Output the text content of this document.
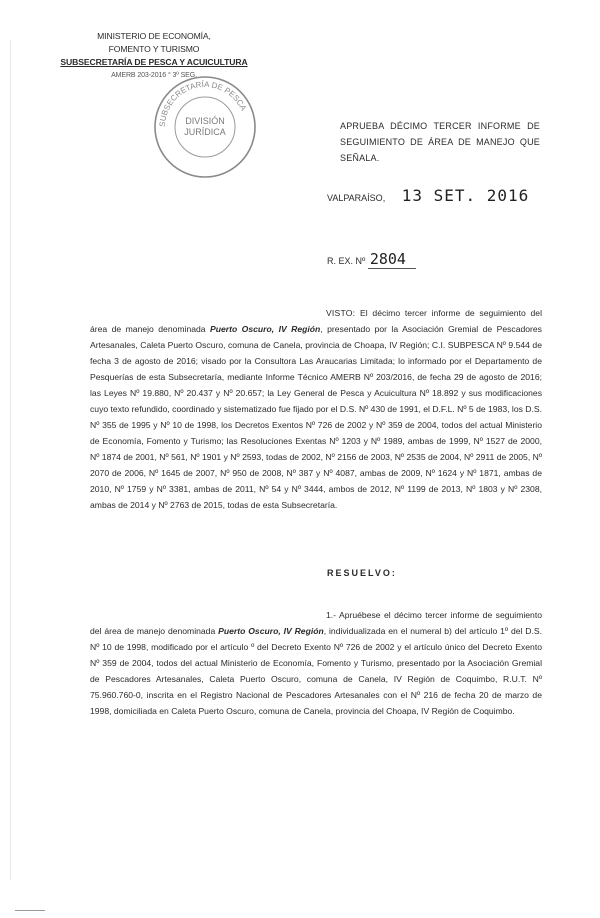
MINISTERIO DE ECONOMÍA,
FOMENTO Y TURISMO
SUBSECRETARÍA DE PESCA Y ACUICULTURA
AMERB 203-2016 ° 3º SEG.
SUBSECRETARÍA DE PESCA
DIVISIÓN
JURÍDICA
APRUEBA DÉCIMO TERCER INFORME DE SEGUIMIENTO DE ÁREA DE MANEJO QUE SEÑALA.
VALPARAÍSO, 13 SET. 2016
R. EX. Nº 2804
VISTO: El décimo tercer informe de seguimiento del área de manejo denominada Puerto Oscuro, IV Región, presentado por la Asociación Gremial de Pescadores Artesanales, Caleta Puerto Oscuro, comuna de Canela, provincia de Choapa, IV Región; C.I. SUBPESCA Nº 9.544 de fecha 3 de agosto de 2016; visado por la Consultora Las Araucarias Limitada; lo informado por el Departamento de Pesquerías de esta Subsecretaría, mediante Informe Técnico AMERB Nº 203/2016, de fecha 29 de agosto de 2016; las Leyes Nº 19.880, Nº 20.437 y Nº 20.657; la Ley General de Pesca y Acuicultura Nº 18.892 y sus modificaciones cuyo texto refundido, coordinado y sistematizado fue fijado por el D.S. Nº 430 de 1991, el D.F.L. Nº 5 de 1983, los D.S. Nº 355 de 1995 y Nº 10 de 1998, los Decretos Exentos Nº 726 de 2002 y Nº 359 de 2004, todos del actual Ministerio de Economía, Fomento y Turismo; las Resoluciones Exentas Nº 1203 y Nº 1989, ambas de 1999, Nº 1527 de 2000, Nº 1874 de 2001, Nº 561, Nº 1901 y Nº 2593, todas de 2002, Nº 2156 de 2003, Nº 2535 de 2004, Nº 2911 de 2005, Nº 2070 de 2006, Nº 1645 de 2007, Nº 950 de 2008, Nº 387 y Nº 4087, ambas de 2009, Nº 1624 y Nº 1871, ambas de 2010, Nº 1759 y Nº 3381, ambas de 2011, Nº 54 y Nº 3444, ambos de 2012, Nº 1199 de 2013, Nº 1803 y Nº 2308, ambas de 2014 y Nº 2763 de 2015, todas de esta Subsecretaría.
RESUELVO:
1.- Apruébese el décimo tercer informe de seguimiento del área de manejo denominada Puerto Oscuro, IV Región, individualizada en el numeral b) del artículo 1º del D.S. Nº 10 de 1998, modificado por el artículo º del Decreto Exento Nº 726 de 2002 y el artículo único del Decreto Exento Nº 359 de 2004, todos del actual Ministerio de Economía, Fomento y Turismo, presentado por la Asociación Gremial de Pescadores Artesanales, Caleta Puerto Oscuro, comuna de Canela, IV Región de Coquimbo, R.U.T. Nº 75.960.760-0, inscrita en el Registro Nacional de Pescadores Artesanales con el Nº 216 de fecha 20 de marzo de 1998, domiciliada en Caleta Puerto Oscuro, comuna de Canela, provincia del Choapa, IV Región de Coquimbo.
